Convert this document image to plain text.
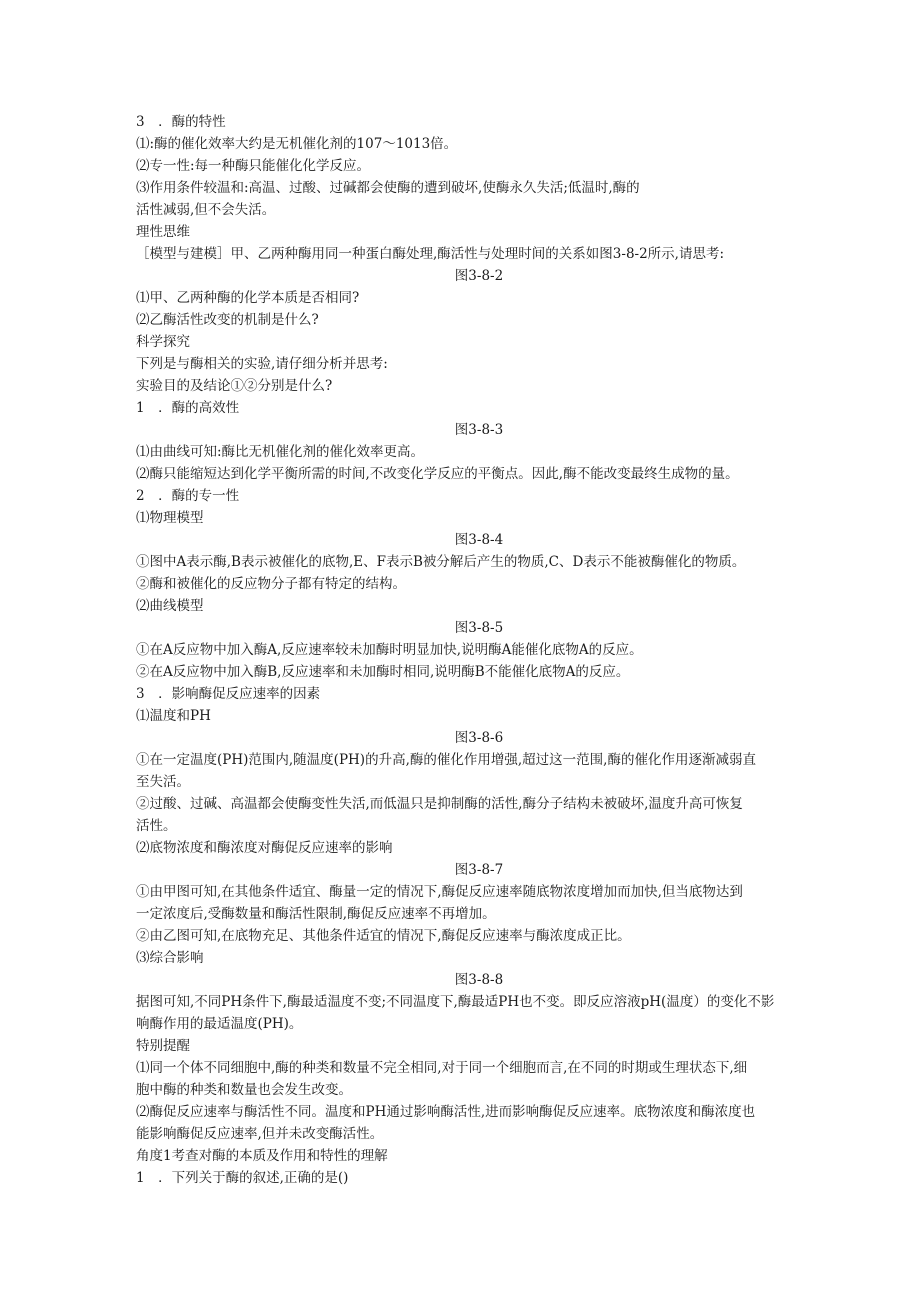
3　．酶的特性
⑴:酶的催化效率大约是无机催化剂的107～1013倍。
⑵专一性:每一种酶只能催化化学反应。
⑶作用条件较温和:高温、过酸、过碱都会使酶的遭到破坏,使酶永久失活;低温时,酶的
活性减弱,但不会失活。
理性思维
［模型与建模］甲、乙两种酶用同一种蛋白酶处理,酶活性与处理时间的关系如图3-8-2所示,请思考:
图3-8-2
⑴甲、乙两种酶的化学本质是否相同?
⑵乙酶活性改变的机制是什么?
科学探究
下列是与酶相关的实验,请仔细分析并思考:
实验目的及结论①②分别是什么?
1　．酶的高效性
图3-8-3
⑴由曲线可知:酶比无机催化剂的催化效率更高。
⑵酶只能缩短达到化学平衡所需的时间,不改变化学反应的平衡点。因此,酶不能改变最终生成物的量。
2　．酶的专一性
⑴物理模型
图3-8-4
①图中A表示酶,B表示被催化的底物,E、F表示B被分解后产生的物质,C、D表示不能被酶催化的物质。
②酶和被催化的反应物分子都有特定的结构。
⑵曲线模型
图3-8-5
①在A反应物中加入酶A,反应速率较未加酶时明显加快,说明酶A能催化底物A的反应。
②在A反应物中加入酶B,反应速率和未加酶时相同,说明酶B不能催化底物A的反应。
3　．影响酶促反应速率的因素
⑴温度和PH
图3-8-6
①在一定温度(PH)范围内,随温度(PH)的升高,酶的催化作用增强,超过这一范围,酶的催化作用逐渐减弱直
至失活。
②过酸、过碱、高温都会使酶变性失活,而低温只是抑制酶的活性,酶分子结构未被破坏,温度升高可恢复
活性。
⑵底物浓度和酶浓度对酶促反应速率的影响
图3-8-7
①由甲图可知,在其他条件适宜、酶量一定的情况下,酶促反应速率随底物浓度增加而加快,但当底物达到
一定浓度后,受酶数量和酶活性限制,酶促反应速率不再增加。
②由乙图可知,在底物充足、其他条件适宜的情况下,酶促反应速率与酶浓度成正比。
⑶综合影响
图3-8-8
据图可知,不同PH条件下,酶最适温度不变;不同温度下,酶最适PH也不变。即反应溶液pH(温度）的变化不影
响酶作用的最适温度(PH)。
特别提醒
⑴同一个体不同细胞中,酶的种类和数量不完全相同,对于同一个细胞而言,在不同的时期或生理状态下,细
胞中酶的种类和数量也会发生改变。
⑵酶促反应速率与酶活性不同。温度和PH通过影响酶活性,进而影响酶促反应速率。底物浓度和酶浓度也
能影响酶促反应速率,但并未改变酶活性。
角度1考查对酶的本质及作用和特性的理解
1　．下列关于酶的叙述,正确的是()
